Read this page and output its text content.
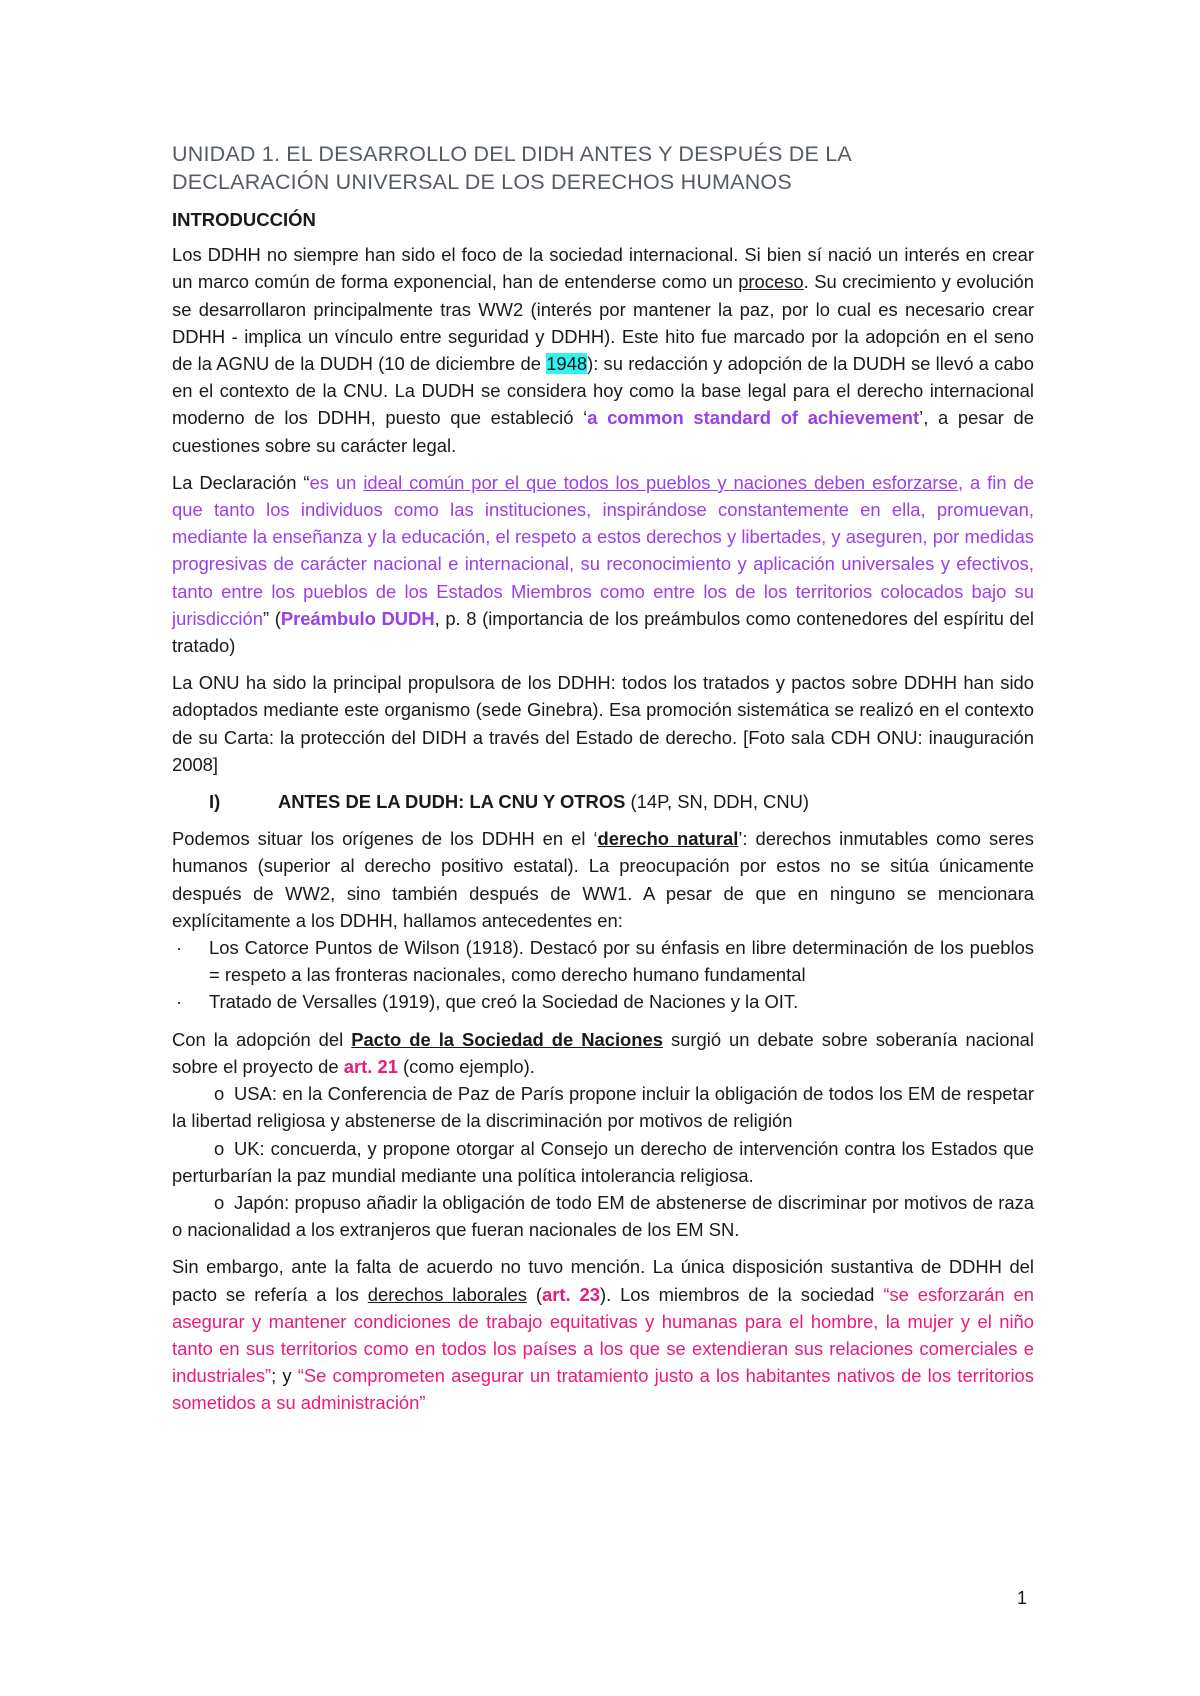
UNIDAD 1. EL DESARROLLO DEL DIDH ANTES Y DESPUÉS DE LA
DECLARACIÓN UNIVERSAL DE LOS DERECHOS HUMANOS
INTRODUCCIÓN

Los DDHH no siempre han sido el foco de la sociedad internacional. Si bien sí nació un interés en crear un marco común de forma exponencial, han de entenderse como un proceso. Su crecimiento y evolución se desarrollaron principalmente tras WW2 (interés por mantener la paz, por lo cual es necesario crear DDHH - implica un vínculo entre seguridad y DDHH). Este hito fue marcado por la adopción en el seno de la AGNU de la DUDH (10 de diciembre de 1948): su redacción y adopción de la DUDH se llevó a cabo en el contexto de la CNU. La DUDH se considera hoy como la base legal para el derecho internacional moderno de los DDHH, puesto que estableció ‘a common standard of achievement’, a pesar de cuestiones sobre su carácter legal.

La Declaración “es un ideal común por el que todos los pueblos y naciones deben esforzarse, a fin de que tanto los individuos como las instituciones, inspirándose constantemente en ella, promuevan, mediante la enseñanza y la educación, el respeto a estos derechos y libertades, y aseguren, por medidas progresivas de carácter nacional e internacional, su reconocimiento y aplicación universales y efectivos, tanto entre los pueblos de los Estados Miembros como entre los de los territorios colocados bajo su jurisdicción” (Preámbulo DUDH, p. 8 (importancia de los preámbulos como contenedores del espíritu del tratado)

La ONU ha sido la principal propulsora de los DDHH: todos los tratados y pactos sobre DDHH han sido adoptados mediante este organismo (sede Ginebra). Esa promoción sistemática se realizó en el contexto de su Carta: la protección del DIDH a través del Estado de derecho. [Foto sala CDH ONU: inauguración 2008]

I)	ANTES DE LA DUDH: LA CNU Y OTROS (14P, SN, DDH, CNU)

Podemos situar los orígenes de los DDHH en el ‘derecho natural’: derechos inmutables como seres humanos (superior al derecho positivo estatal). La preocupación por estos no se sitúa únicamente después de WW2, sino también después de WW1. A pesar de que en ninguno se mencionara explícitamente a los DDHH, hallamos antecedentes en:

· Los Catorce Puntos de Wilson (1918). Destacó por su énfasis en libre determinación de los pueblos = respeto a las fronteras nacionales, como derecho humano fundamental
· Tratado de Versalles (1919), que creó la Sociedad de Naciones y la OIT.

Con la adopción del Pacto de la Sociedad de Naciones surgió un debate sobre soberanía nacional sobre el proyecto de art. 21 (como ejemplo).

o USA: en la Conferencia de Paz de París propone incluir la obligación de todos los EM de respetar la libertad religiosa y abstenerse de la discriminación por motivos de religión

o UK: concuerda, y propone otorgar al Consejo un derecho de intervención contra los Estados que perturbarían la paz mundial mediante una política intolerancia religiosa.

o Japón: propuso añadir la obligación de todo EM de abstenerse de discriminar por motivos de raza o nacionalidad a los extranjeros que fueran nacionales de los EM SN.

Sin embargo, ante la falta de acuerdo no tuvo mención. La única disposición sustantiva de DDHH del pacto se refería a los derechos laborales (art. 23). Los miembros de la sociedad “se esforzarán en asegurar y mantener condiciones de trabajo equitativas y humanas para el hombre, la mujer y el niño tanto en sus territorios como en todos los países a los que se extendieran sus relaciones comerciales e industriales”; y “Se comprometen asegurar un tratamiento justo a los habitantes nativos de los territorios sometidos a su administración”

1
